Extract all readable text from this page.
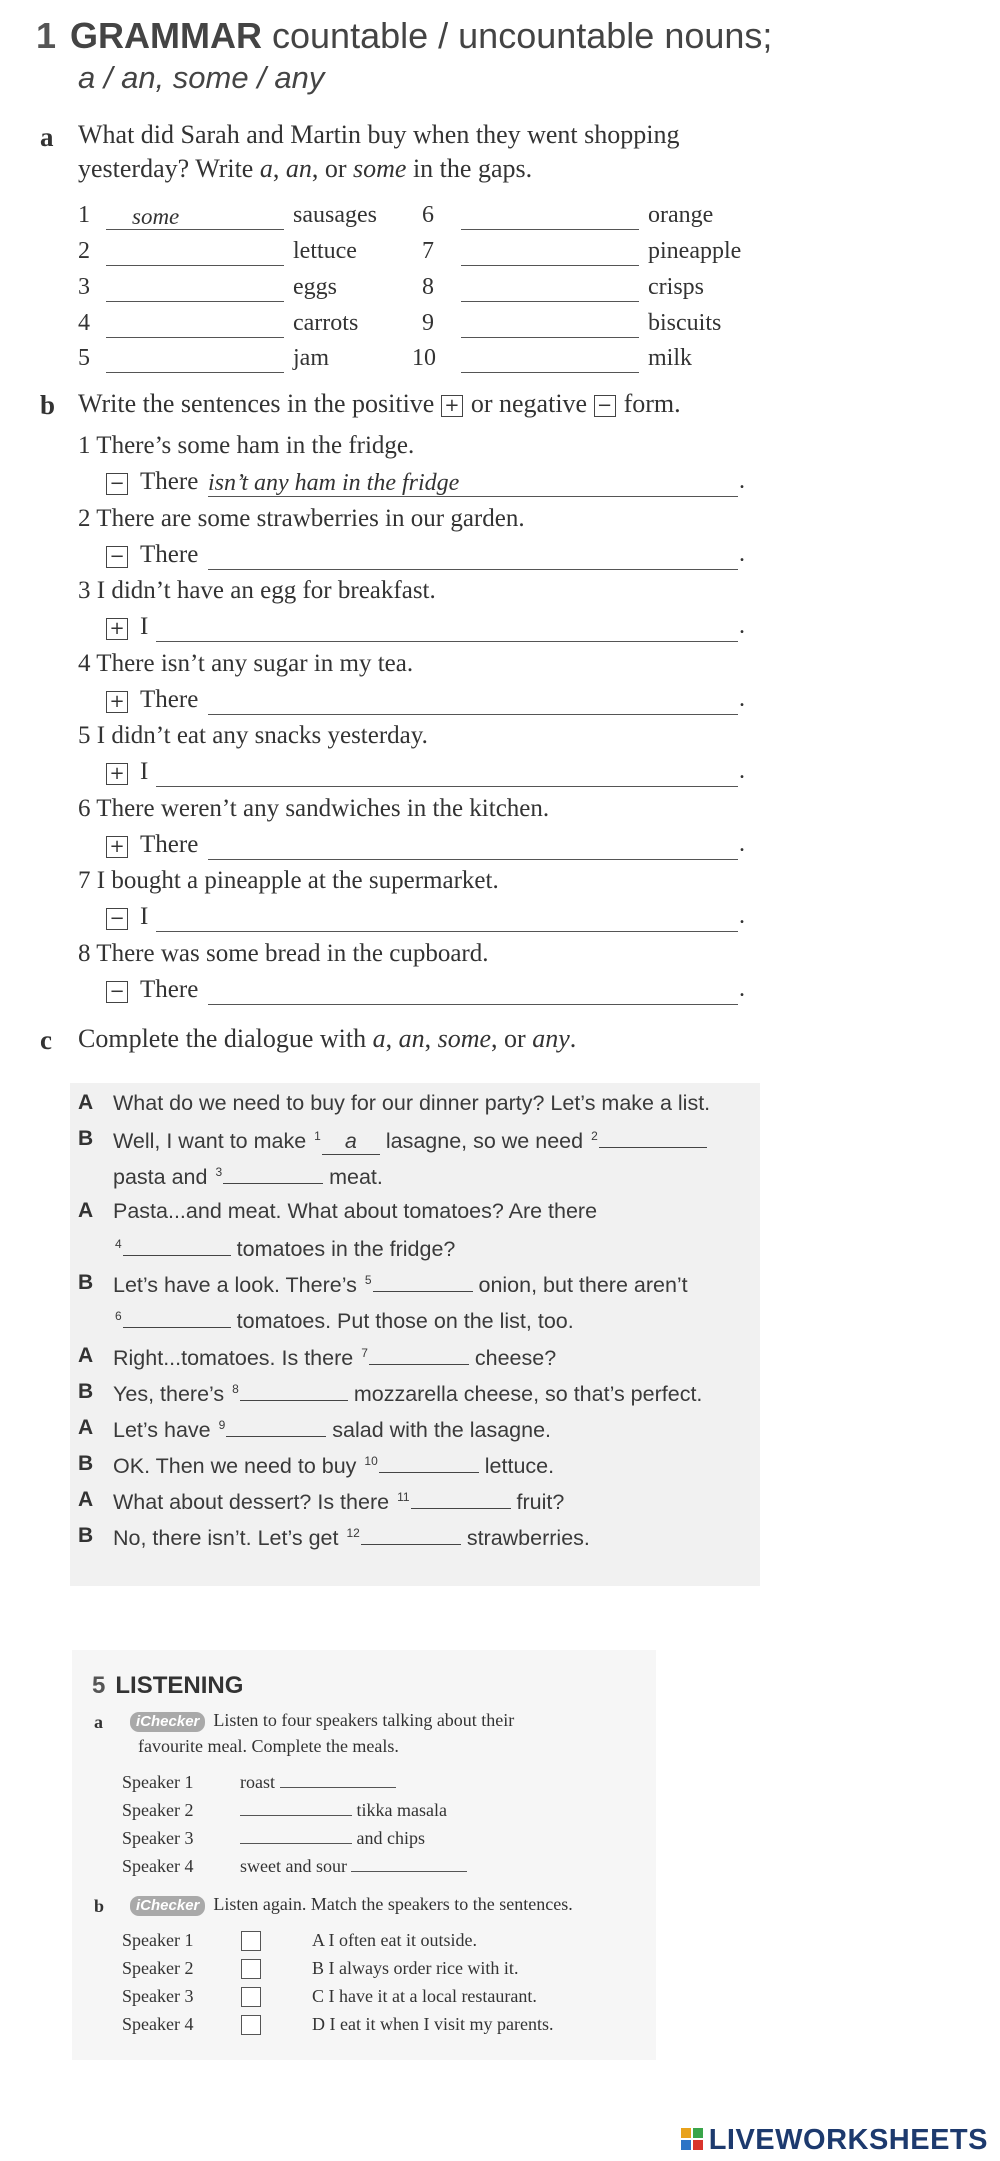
1 GRAMMAR countable / uncountable nouns;
a / an, some / any
a What did Sarah and Martin buy when they went shopping
yesterday? Write a, an, or some in the gaps.
1	some	sausages 6	orange
2	lettuce	7	pineapple
3	eggs	8	crisps
4	carrots	9	biscuits
5	jam	10	milk
b Write the sentences in the positive + or negative − form.
1 There’s some ham in the fridge.
− There isn’t any ham in the fridge	.
2 There are some strawberries in our garden.
− There	.
3 I didn’t have an egg for breakfast.
+ I	.
4 There isn’t any sugar in my tea.
+ There	.
5 I didn’t eat any snacks yesterday.
+ I	.
6 There weren’t any sandwiches in the kitchen.
+ There	.
7 I bought a pineapple at the supermarket.
− I	.
8 There was some bread in the cupboard.
− There	.
c Complete the dialogue with a, an, some, or any.
A What do we need to buy for our dinner party? Let’s make a list.
B Well, I want to make $^1$ a lasagne, so we need $^2$
pasta and $^3$	meat.
A Pasta...and meat. What about tomatoes? Are there
$^4$	tomatoes in the fridge?
B Let’s have a look. There’s $^5$	onion, but there aren’t
$^6$	tomatoes. Put those on the list, too.
A Right...tomatoes. Is there $^7$	cheese?
B Yes, there’s $^8$	mozzarella cheese, so that’s perfect.
A Let’s have $^9$	salad with the lasagne.
B OK. Then we need to buy $^{10}$	lettuce.
A What about dessert? Is there $^{11}$	fruit?
B No, there isn’t. Let’s get $^{12}$	strawberries.
5 LISTENING
a	iChecker Listen to four speakers talking about their
favourite meal. Complete the meals.
Speaker 1	roast
Speaker 2	tikka masala
Speaker 3	and chips
Speaker 4	sweet and sour
b	iChecker Listen again. Match the speakers to the sentences.
Speaker 1	A I often eat it outside.
Speaker 2	B I always order rice with it.
Speaker 3	C I have it at a local restaurant.
Speaker 4	D I eat it when I visit my parents.
LIVEWORKSHEETS
